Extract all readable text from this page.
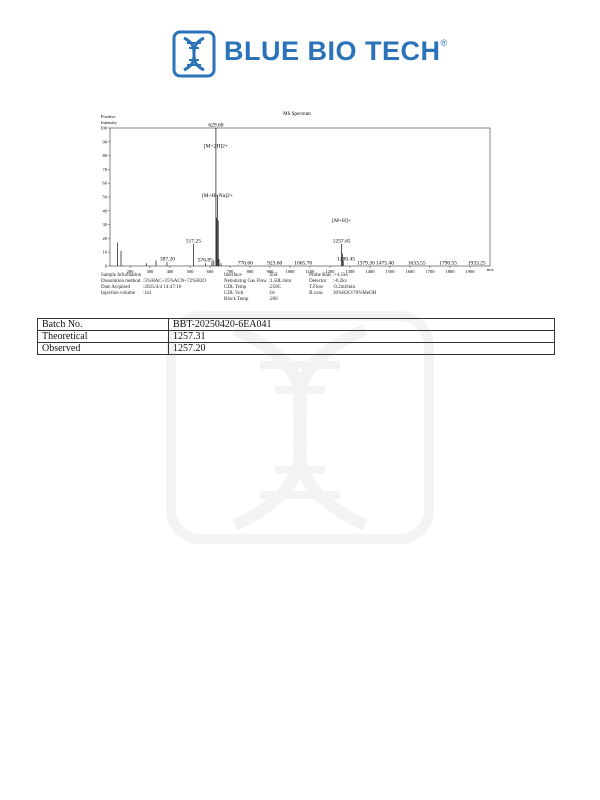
BLUE BIO TECH®
MS Spectrum
Positive
Intensity
m/z
0
10
20
30
40
50
60
70
80
90
100
200	300	400	500	600	700	800	900	1000 1100 1200 1300 1400 1500 1600 1700 1800 1900
629.60
517.25
387.20	576.85	776.60	923.60 1065.70
1257.65
1280.45
1379.30 1475.40	1633.55 1790.55 1933.25
[M+2H]2+
[M+H+Na]2+
[M+H]+
Sample Information			Interface	:ESI		Probe Bias	:+4.5kv
Dissolution method	:5%HAC+25%ACN+72%H2O		Nebulizing Gas Flow	:1.50L/min		Detector	:-0.2kv
Date Acquired	:2025/4/4 14:47:10		CDL Temp	:250C		T.Flow	:0.2ml/min
Injection volume	:1ul		CDL Volt	:0v		B.conc	30%H2O/70%MeOH
			Block Temp	:200			
Batch No.	BBT-20250420-6EA041
Theoretical	1257.31
Observed	1257.20
